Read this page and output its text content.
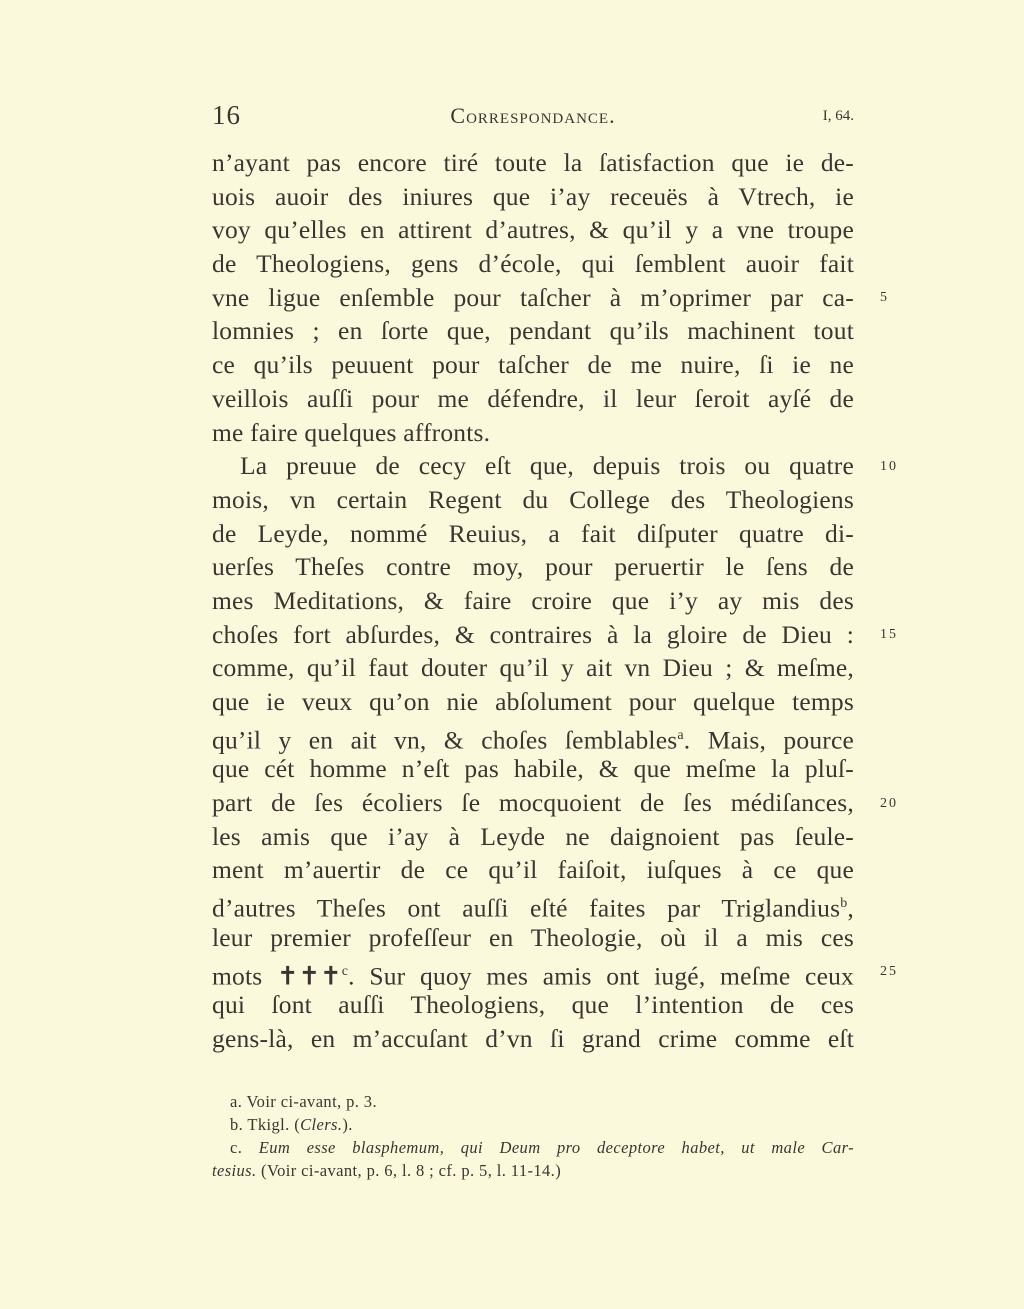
16	Correspondance.	I, 64.
n’ayant pas encore tiré toute la ſatisfaction que ie de-
uois auoir des iniures que i’ay receuës à Vtrech, ie
voy qu’elles en attirent d’autres, & qu’il y a vne troupe
de Theologiens, gens d’école, qui ſemblent auoir fait
vne ligue enſemble pour taſcher à m’oprimer par ca-
lomnies ; en ſorte que, pendant qu’ils machinent tout
ce qu’ils peuuent pour taſcher de me nuire, ſi ie ne
veillois auſſi pour me défendre, il leur ſeroit ayſé de
me faire quelques affronts.
La preuue de cecy eſt que, depuis trois ou quatre
mois, vn certain Regent du College des Theologiens
de Leyde, nommé Reuius, a fait diſputer quatre di-
uerſes Theſes contre moy, pour peruertir le ſens de
mes Meditations, & faire croire que i’y ay mis des
choſes fort abſurdes, & contraires à la gloire de Dieu :
comme, qu’il faut douter qu’il y ait vn Dieu ; & meſme,
que ie veux qu’on nie abſolument pour quelque temps
qu’il y en ait vn, & choſes ſemblables$^a$. Mais, pource
que cét homme n’eſt pas habile, & que meſme la pluſ-
part de ſes écoliers ſe mocquoient de ſes médiſances,
les amis que i’ay à Leyde ne daignoient pas ſeule-
ment m’auertir de ce qu’il faiſoit, iuſques à ce que
d’autres Theſes ont auſſi eſté faites par Triglandius$^b$,
leur premier profeſſeur en Theologie, où il a mis ces
mots ✝✝✝$^c$. Sur quoy mes amis ont iugé, meſme ceux
qui ſont auſſi Theologiens, que l’intention de ces
gens-là, en m’accuſant d’vn ſi grand crime comme eſt
5
10
15
20
25
a. Voir ci-avant, p. 3.
b. Tkigl. (Clers.).
c. Eum esse blasphemum, qui Deum pro deceptore habet, ut male Car-
tesius. (Voir ci-avant, p. 6, l. 8 ; cf. p. 5, l. 11-14.)
